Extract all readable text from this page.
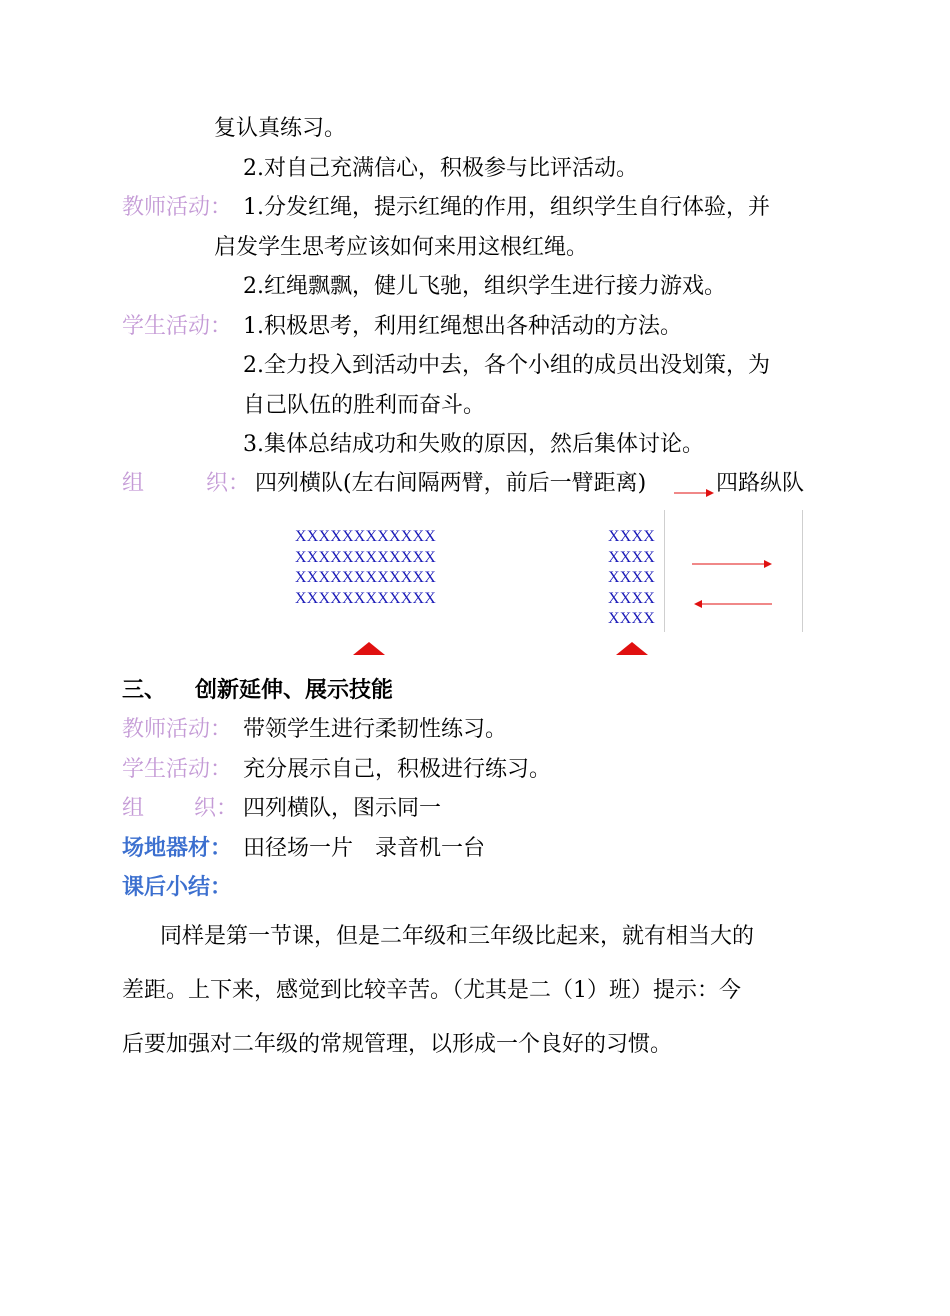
复认真练习。
2.对自己充满信心，积极参与比评活动。
教师活动： 1.分发红绳，提示红绳的作用，组织学生自行体验，并
启发学生思考应该如何来用这根红绳。
2.红绳飘飘，健儿飞驰，组织学生进行接力游戏。
学生活动： 1.积极思考，利用红绳想出各种活动的方法。
2.全力投入到活动中去，各个小组的成员出没划策，为
自己队伍的胜利而奋斗。
3.集体总结成功和失败的原因，然后集体讨论。
组	织： 四列横队(左右间隔两臂，前后一臂距离)	四路纵队
XXXXXXXXXXXX
XXXXXXXXXXXX
XXXXXXXXXXXX
XXXXXXXXXXXX
XXXX
XXXX
XXXX
XXXX
XXXX
三、 创新延伸、展示技能
教师活动： 带领学生进行柔韧性练习。
学生活动： 充分展示自己，积极进行练习。
组 织： 四列横队，图示同一
场地器材： 田径场一片　录音机一台
课后小结：
同样是第一节课，但是二年级和三年级比起来，就有相当大的
差距。上下来，感觉到比较辛苦。（尤其是二（1）班）提示：今
后要加强对二年级的常规管理，以形成一个良好的习惯。
